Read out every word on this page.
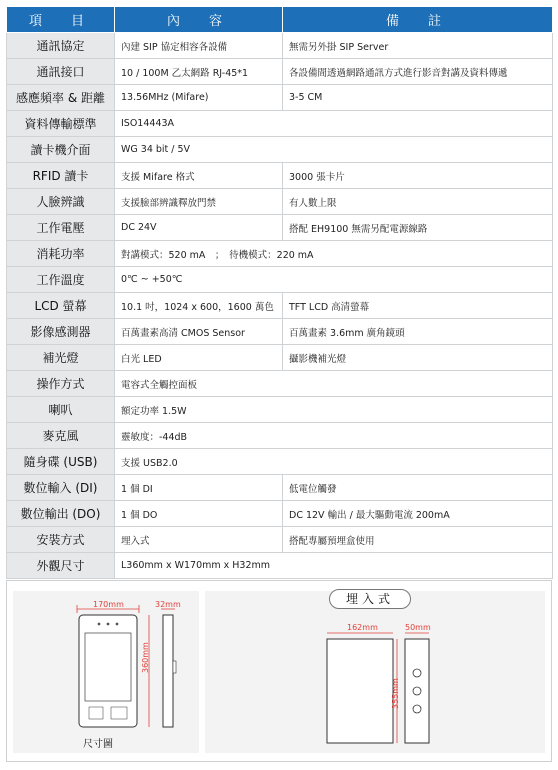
項　目	內　容	備　註
通訊協定	內建 SIP 協定相容各設備	無需另外掛 SIP Server
通訊接口	10 / 100M 乙太網路 RJ-45*1	各設備間透過網路通訊方式進行影音對講及資料傳遞
感應頻率 & 距離	13.56MHz (Mifare)	3-5 CM
資料傳輸標準	ISO14443A	
讀卡機介面	WG 34 bit / 5V	
RFID 讀卡	支援 Mifare 格式	3000 張卡片
人臉辨識	支援臉部辨識釋放門禁	有人數上限
工作電壓	DC 24V	搭配 EH9100 無需另配電源線路
消耗功率	對講模式：520 mA　；　待機模式：220 mA	
工作溫度	0℃ ~ +50℃	
LCD 螢幕	10.1 吋，1024 x 600，1600 萬色	TFT LCD 高清螢幕
影像感測器	百萬畫素高清 CMOS Sensor	百萬畫素 3.6mm 廣角鏡頭
補光燈	白光 LED	攝影機補光燈
操作方式	電容式全觸控面板	
喇叭	額定功率 1.5W	
麥克風	靈敏度：-44dB	
隨身碟 (USB)	支援 USB2.0	
數位輸入 (DI)	1 個 DI	低電位觸發
數位輸出 (DO)	1 個 DO	DC 12V 輸出 / 最大驅動電流 200mA
安裝方式	埋入式	搭配專屬預埋盒使用
外觀尺寸	L360mm x W170mm x H32mm	
170mm	32mm
360mm
尺寸圖
埋入式
162mm	50mm
355mm
